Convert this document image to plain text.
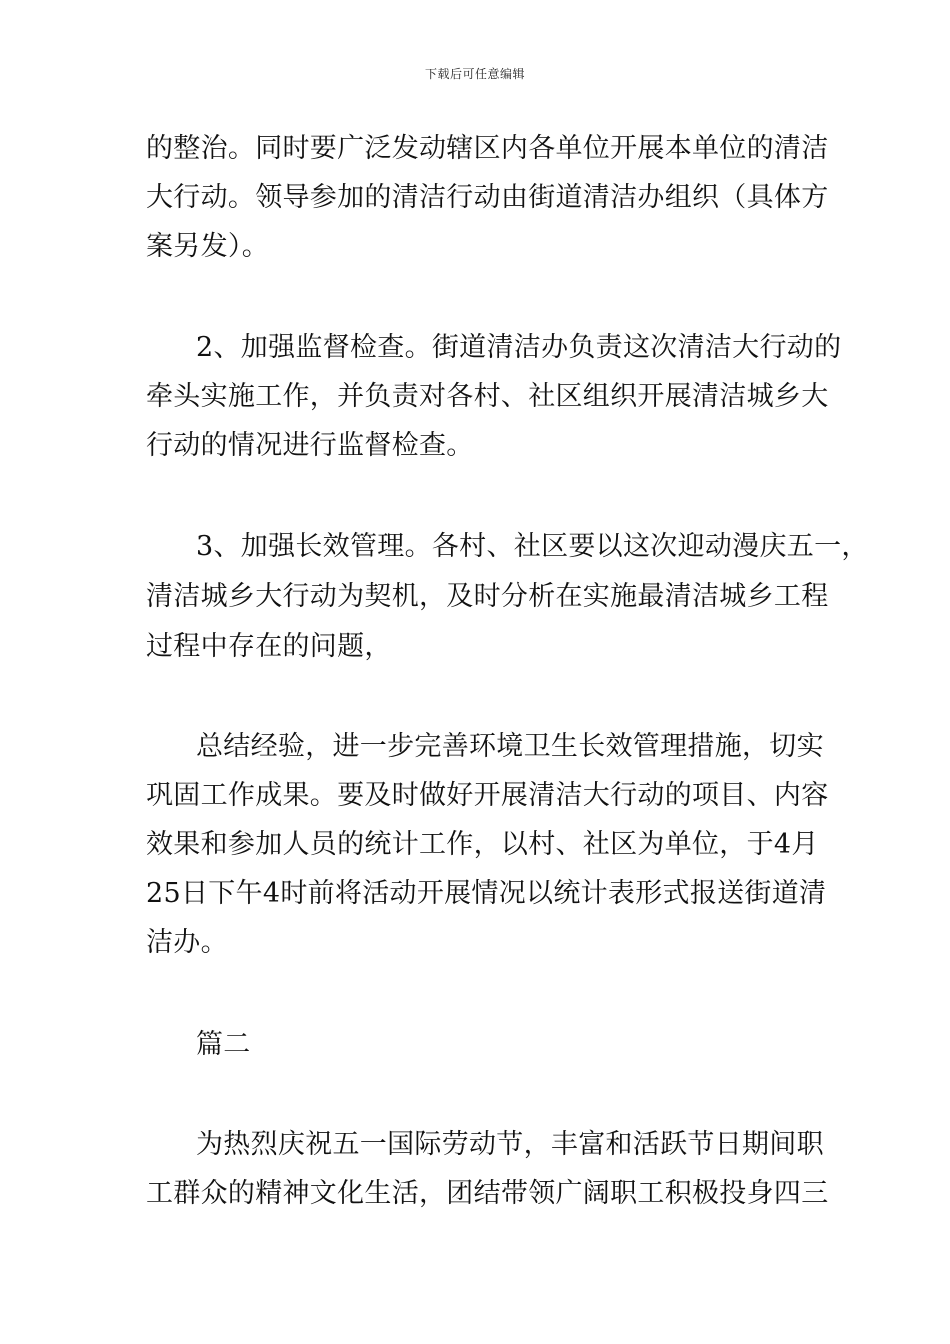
下载后可任意编辑
的整治。同时要广泛发动辖区内各单位开展本单位的清洁
大行动。领导参加的清洁行动由街道清洁办组织（具体方
案另发）。
2、加强监督检查。街道清洁办负责这次清洁大行动的
牵头实施工作，并负责对各村、社区组织开展清洁城乡大
行动的情况进行监督检查。
3、加强长效管理。各村、社区要以这次迎动漫庆五一，
清洁城乡大行动为契机，及时分析在实施最清洁城乡工程
过程中存在的问题，
总结经验，进一步完善环境卫生长效管理措施，切实
巩固工作成果。要及时做好开展清洁大行动的项目、内容
效果和参加人员的统计工作，以村、社区为单位，于4月
25日下午4时前将活动开展情况以统计表形式报送街道清
洁办。
篇二
为热烈庆祝五一国际劳动节，丰富和活跃节日期间职
工群众的精神文化生活，团结带领广阔职工积极投身四三
